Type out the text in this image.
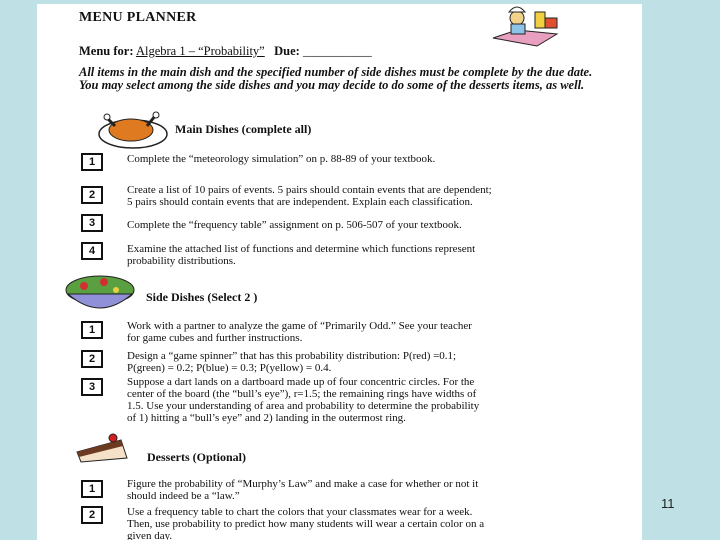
MENU PLANNER
Menu for: Algebra 1 – “Probability” Due: ___________
All items in the main dish and the specified number of side dishes must be complete by the due date. You may select among the side dishes and you may decide to do some of the desserts items, as well.
Main Dishes (complete all)
1	Complete the “meteorology simulation” on p. 88-89 of your textbook.
2	Create a list of 10 pairs of events. 5 pairs should contain events that are dependent;
5 pairs should contain events that are independent. Explain each classification.
3	Complete the “frequency table” assignment on p. 506-507 of your textbook.
4	Examine the attached list of functions and determine which functions represent
probability distributions.
Side Dishes (Select 2 )
1	Work with a partner to analyze the game of “Primarily Odd.” See your teacher
for game cubes and further instructions.
2	Design a “game spinner” that has this probability distribution: P(red) =0.1;
P(green) = 0.2; P(blue) = 0.3; P(yellow) = 0.4.
3	Suppose a dart lands on a dartboard made up of four concentric circles. For the
center of the board (the “bull’s eye”), r=1.5; the remaining rings have widths of
1.5. Use your understanding of area and probability to determine the probability
of 1) hitting a “bull’s eye” and 2) landing in the outermost ring.
Desserts (Optional)
1	Figure the probability of “Murphy’s Law” and make a case for whether or not it
should indeed be a “law.”
2	Use a frequency table to chart the colors that your classmates wear for a week.
Then, use probability to predict how many students will wear a certain color on a
given day.
11
